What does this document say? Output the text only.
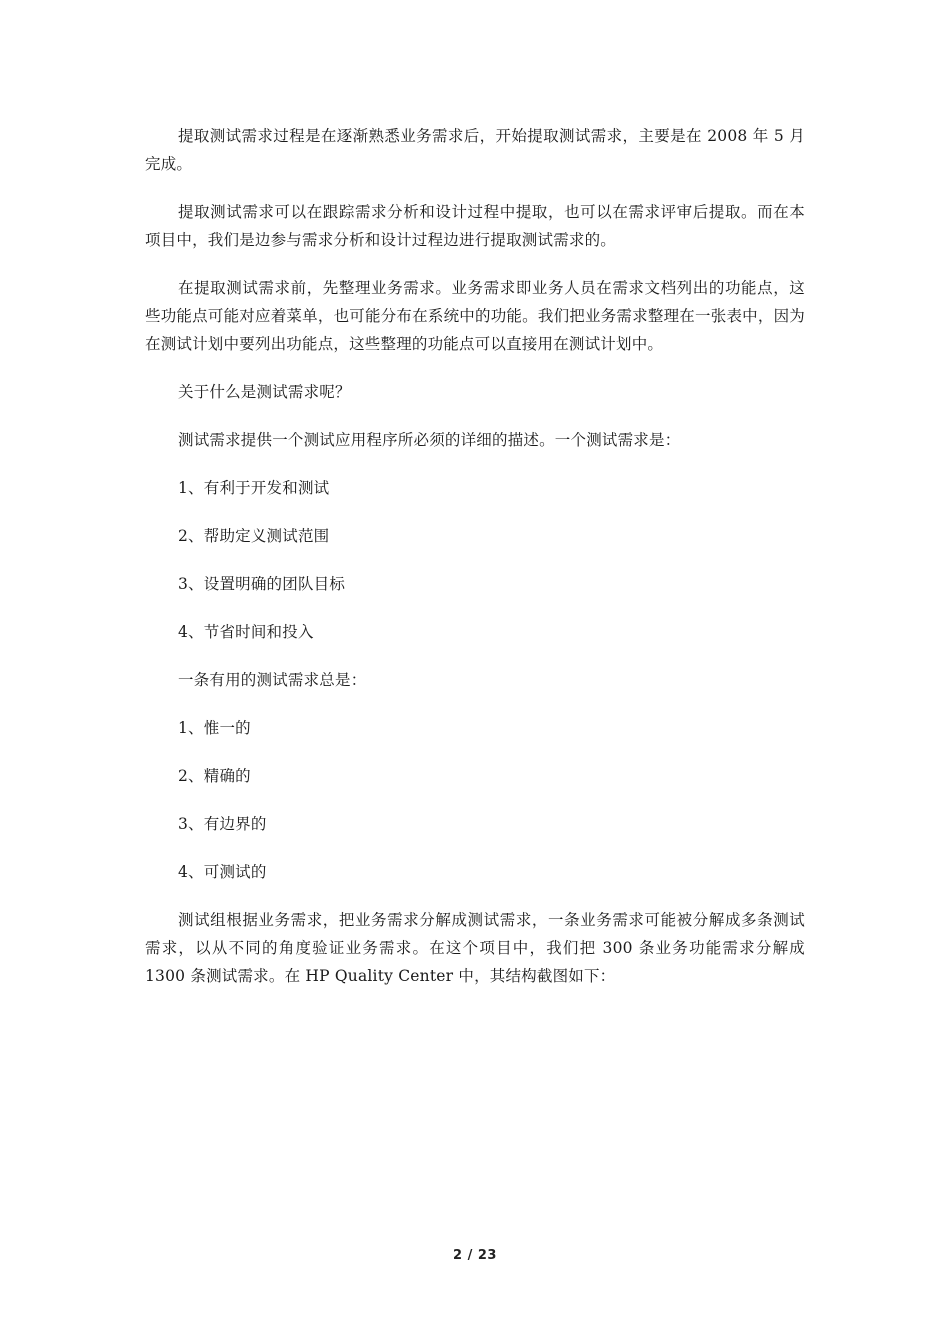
提取测试需求过程是在逐渐熟悉业务需求后，开始提取测试需求，主要是在 2008 年 5 月完成。

提取测试需求可以在跟踪需求分析和设计过程中提取，也可以在需求评审后提取。而在本项目中，我们是边参与需求分析和设计过程边进行提取测试需求的。

在提取测试需求前，先整理业务需求。业务需求即业务人员在需求文档列出的功能点，这些功能点可能对应着菜单，也可能分布在系统中的功能。我们把业务需求整理在一张表中，因为在测试计划中要列出功能点，这些整理的功能点可以直接用在测试计划中。

关于什么是测试需求呢？

测试需求提供一个测试应用程序所必须的详细的描述。一个测试需求是：

1、有利于开发和测试

2、帮助定义测试范围

3、设置明确的团队目标

4、节省时间和投入

一条有用的测试需求总是：

1、惟一的

2、精确的

3、有边界的

4、可测试的

测试组根据业务需求，把业务需求分解成测试需求，一条业务需求可能被分解成多条测试需求，以从不同的角度验证业务需求。在这个项目中，我们把 300 条业务功能需求分解成 1300 条测试需求。在 HP Quality Center 中，其结构截图如下：

2 / 23
